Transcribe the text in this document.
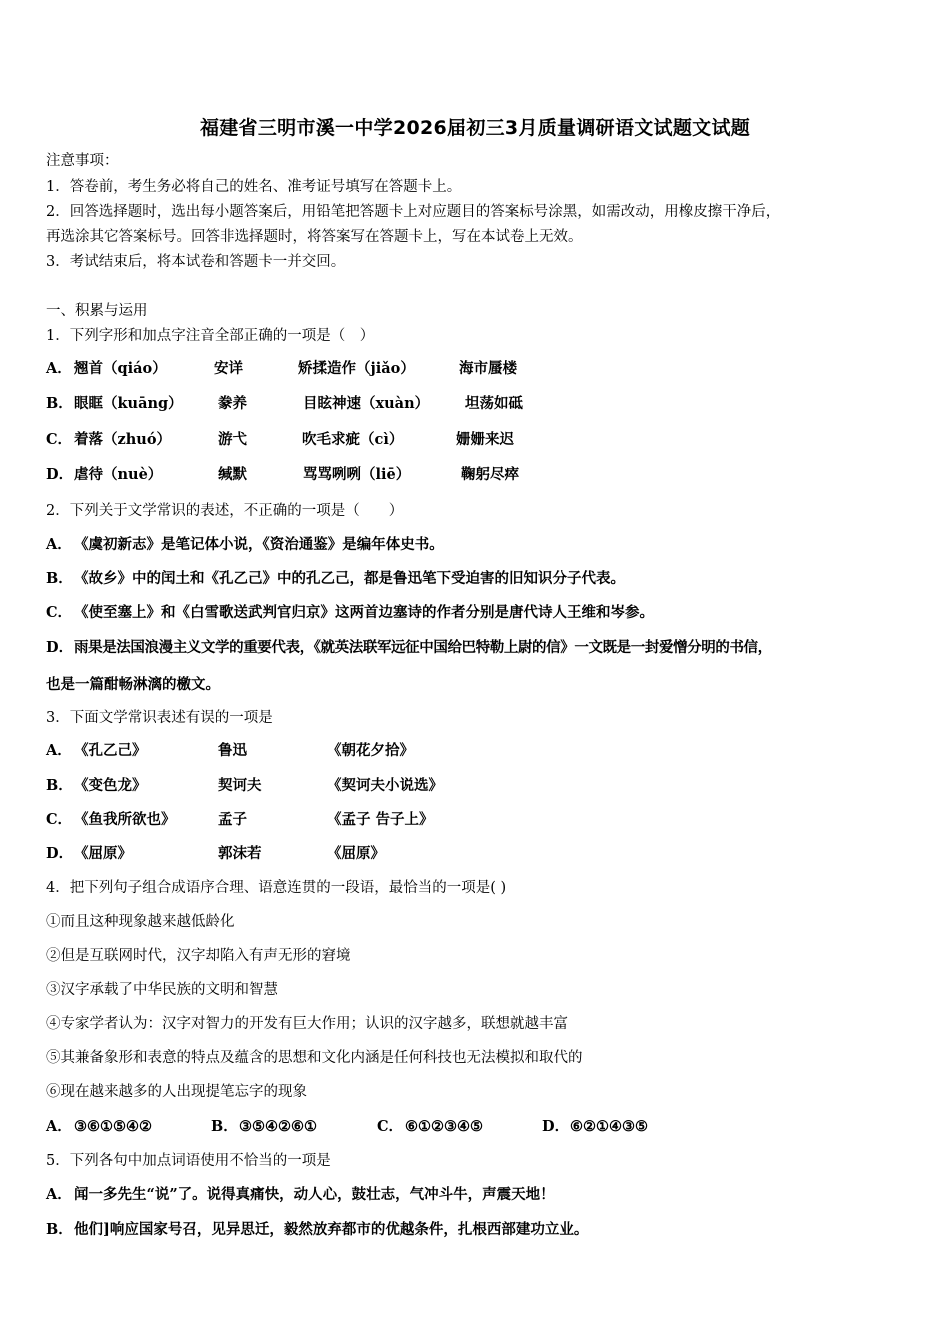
福建省三明市溪一中学2026届初三3月质量调研语文试题文试题
注意事项：
1．答卷前，考生务必将自己的姓名、准考证号填写在答题卡上。
2．回答选择题时，选出每小题答案后，用铅笔把答题卡上对应题目的答案标号涂黑，如需改动，用橡皮擦干净后，
再选涂其它答案标号。回答非选择题时，将答案写在答题卡上，写在本试卷上无效。
3．考试结束后，将本试卷和答题卡一并交回。
一、积累与运用
1．下列字形和加点字注音全部正确的一项是（　）
A． 翘首（qiáo）	安详	矫揉造作（jiǎo）	海市蜃楼
B． 眼眶（kuāng） 豢养	目眩神速（xuàn） 坦荡如砥
C． 着落（zhuó）	游弋	吹毛求疵（cì）	姗姗来迟
D． 虐待（nuè）	缄默	骂骂咧咧（liē）	鞠躬尽瘁
2．下列关于文学常识的表述，不正确的一项是（　　）
A． 《虞初新志》是笔记体小说，《资治通鉴》是编年体史书。
B． 《故乡》中的闰土和《孔乙己》中的孔乙己，都是鲁迅笔下受迫害的旧知识分子代表。
C． 《使至塞上》和《白雪歌送武判官归京》这两首边塞诗的作者分别是唐代诗人王维和岑参。
D． 雨果是法国浪漫主义文学的重要代表，《就英法联军远征中国给巴特勒上尉的信》一文既是一封爱憎分明的书信，
也是一篇酣畅淋漓的檄文。
3．下面文学常识表述有误的一项是
A． 《孔乙己》	鲁迅	《朝花夕拾》
B． 《变色龙》	契诃夫	《契诃夫小说选》
C． 《鱼我所欲也》	孟子	《孟子 告子上》
D． 《屈原》	郭沫若	《屈原》
4．把下列句子组合成语序合理、语意连贯的一段语，最恰当的一项是( )
①而且这种现象越来越低龄化
②但是互联网时代，汉字却陷入有声无形的窘境
③汉字承载了中华民族的文明和智慧
④专家学者认为：汉字对智力的开发有巨大作用；认识的汉字越多，联想就越丰富
⑤其兼备象形和表意的特点及蕴含的思想和文化内涵是任何科技也无法模拟和取代的
⑥现在越来越多的人出现提笔忘字的现象
A． ③⑥①⑤④②	B． ③⑤④②⑥①	C． ⑥①②③④⑤	D． ⑥②①④③⑤
5．下列各句中加点词语使用不恰当的一项是
A． 闻一多先生“说”了。说得真痛快，动人心，鼓壮志，气冲斗牛，声震天地！
B． 他们]响应国家号召，见异思迁，毅然放弃都市的优越条件，扎根西部建功立业。
